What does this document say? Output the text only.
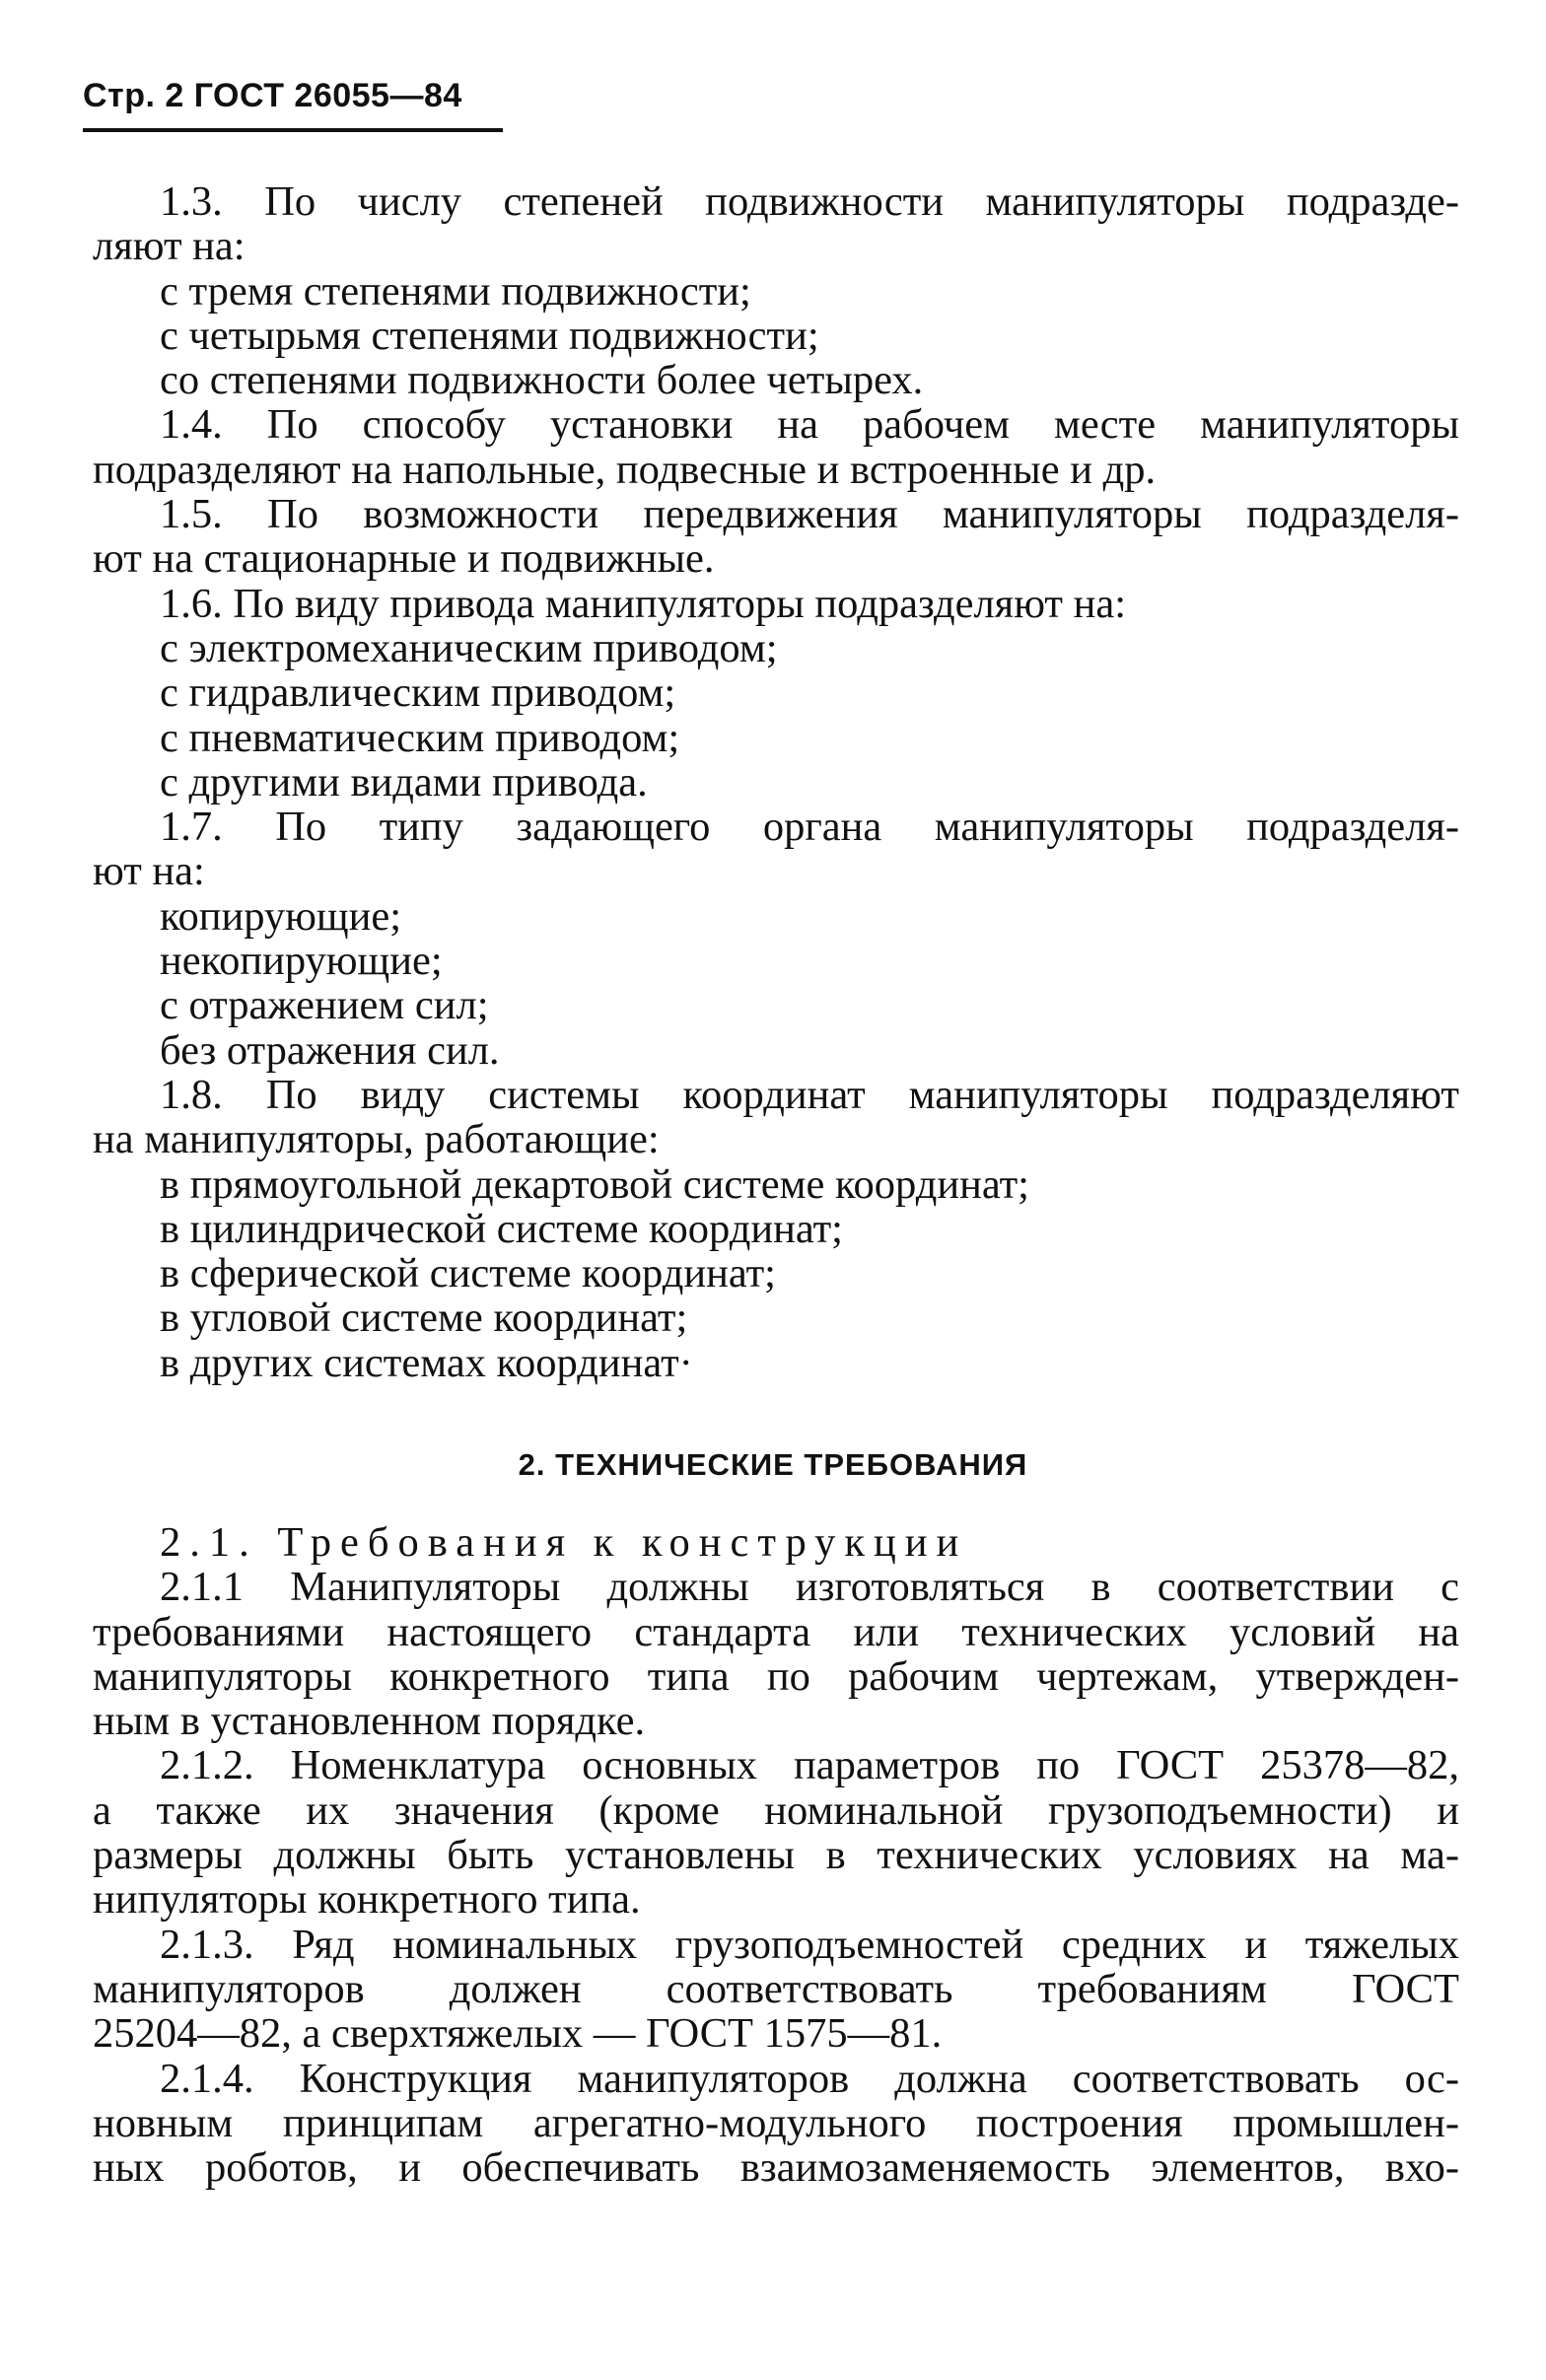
Стр. 2 ГОСТ 26055—84

1.3. По числу степеней подвижности манипуляторы подразде-

ляют на:

с тремя степенями подвижности;

с четырьмя степенями подвижности;

со степенями подвижности более четырех.

1.4. По способу установки на рабочем месте манипуляторы

подразделяют на напольные, подвесные и встроенные и др.

1.5. По возможности передвижения манипуляторы подразделя-

ют на стационарные и подвижные.

1.6. По виду привода манипуляторы подразделяют на:

с электромеханическим приводом;

с гидравлическим приводом;

с пневматическим приводом;

с другими видами привода.

1.7. По типу задающего органа манипуляторы подразделя-

ют на:

копирующие;

некопирующие;

с отражением сил;

без отражения сил.

1.8. По виду системы координат манипуляторы подразделяют

на манипуляторы, работающие:

в прямоугольной декартовой системе координат;

в цилиндрической системе координат;

в сферической системе координат;

в угловой системе координат;

в других системах координат·

2. ТЕХНИЧЕСКИЕ ТРЕБОВАНИЯ

2.1. Требования к конструкции

2.1.1 Манипуляторы должны изготовляться в соответствии с

требованиями настоящего стандарта или технических условий на

манипуляторы конкретного типа по рабочим чертежам, утвержден-

ным в установленном порядке.

2.1.2. Номенклатура основных параметров по ГОСТ 25378—82,

а также их значения (кроме номинальной грузоподъемности) и

размеры должны быть установлены в технических условиях на ма-

нипуляторы конкретного типа.

2.1.3. Ряд номинальных грузоподъемностей средних и тяжелых

манипуляторов должен соответствовать требованиям ГОСТ

25204—82, а сверхтяжелых — ГОСТ 1575—81.

2.1.4. Конструкция манипуляторов должна соответствовать ос-

новным принципам агрегатно-модульного построения промышлен-

ных роботов, и обеспечивать взаимозаменяемость элементов, вхо-
